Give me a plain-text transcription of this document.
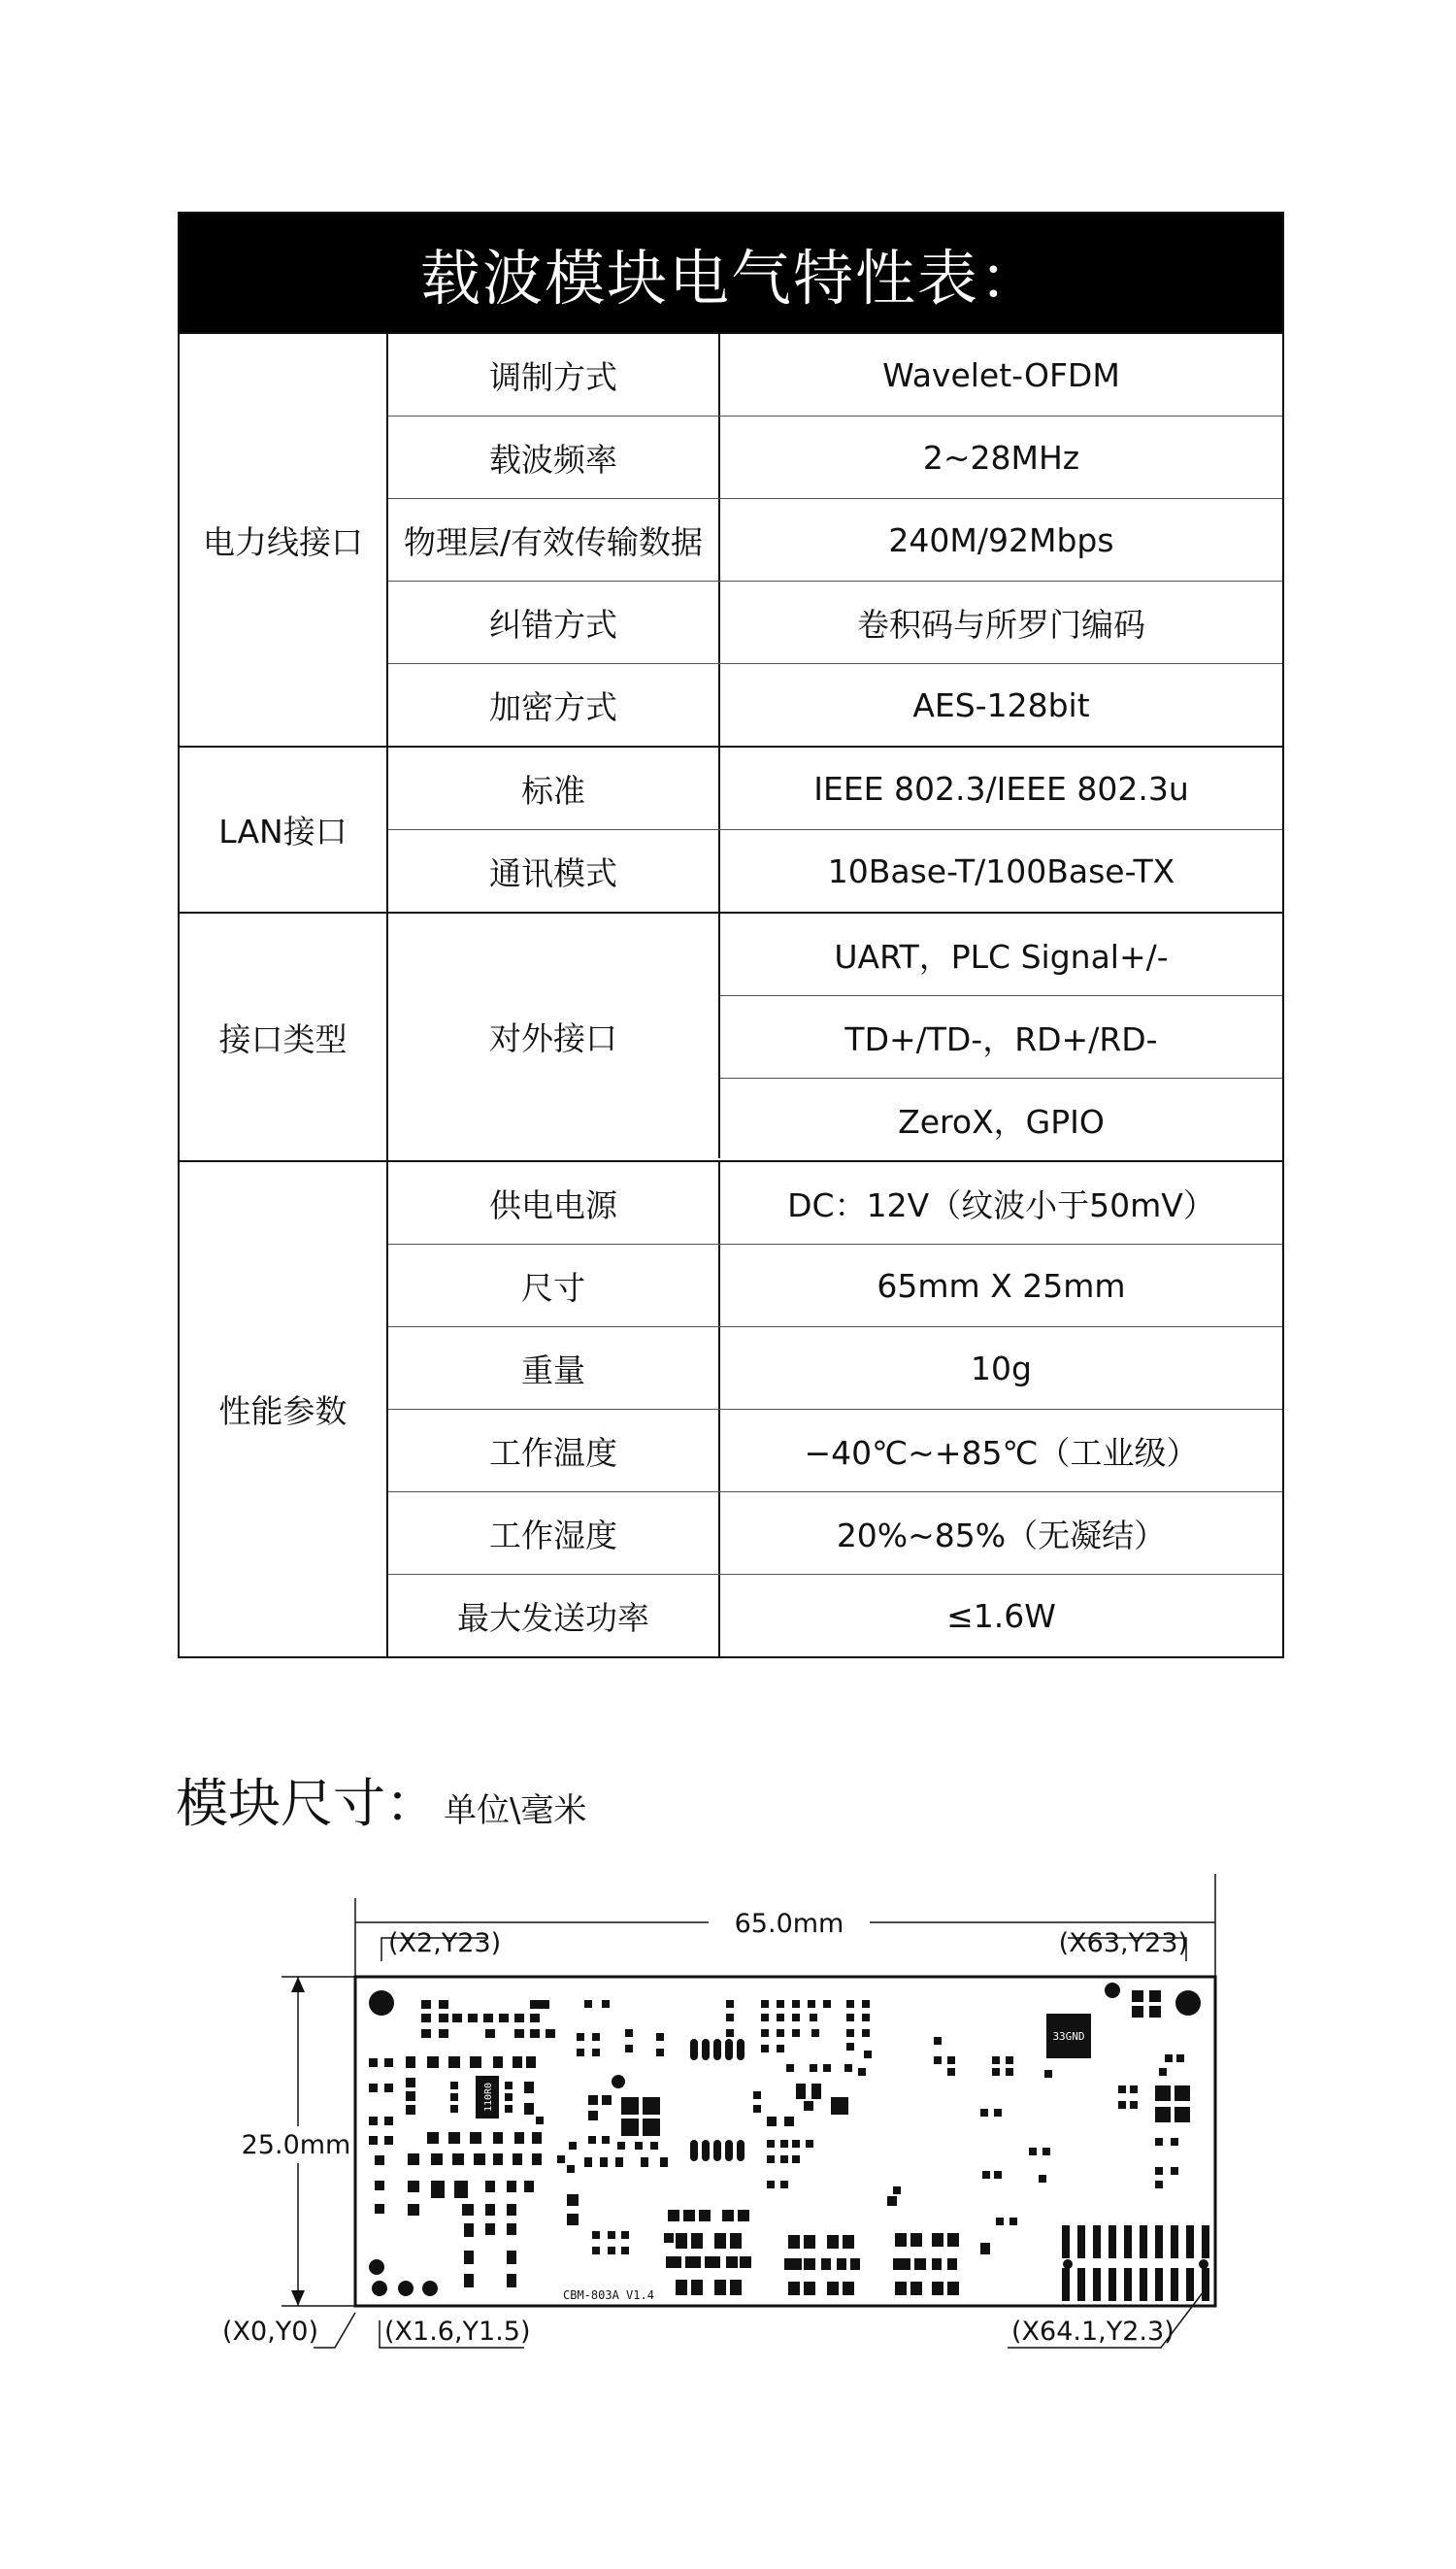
载波模块电气特性表：
电力线接口
调制方式	Wavelet-OFDM
载波频率	2~28MHz
物理层/有效传输数据	240M/92Mbps
纠错方式	卷积码与所罗门编码
加密方式	AES-128bit
LAN接口
标准	IEEE 802.3/IEEE 802.3u
通讯模式	10Base-T/100Base-TX
接口类型	对外接口
UART，PLC Signal+/-
TD+/TD-，RD+/RD-
ZeroX，GPIO
性能参数
供电电源	DC：12V（纹波小于50mV）
尺寸	65mm X 25mm
重量	10g
工作温度	−40℃~+85℃（工业级）
工作湿度	20%~85%（无凝结）
最大发送功率	≤1.6W
模块尺寸： 单位\毫米
33GND
110R0
CBM-803A V1.4
65.0mm
25.0mm
(X2,Y23)	(X63,Y23)
(X0,Y0)	(X1.6,Y1.5)	(X64.1,Y2.3)
